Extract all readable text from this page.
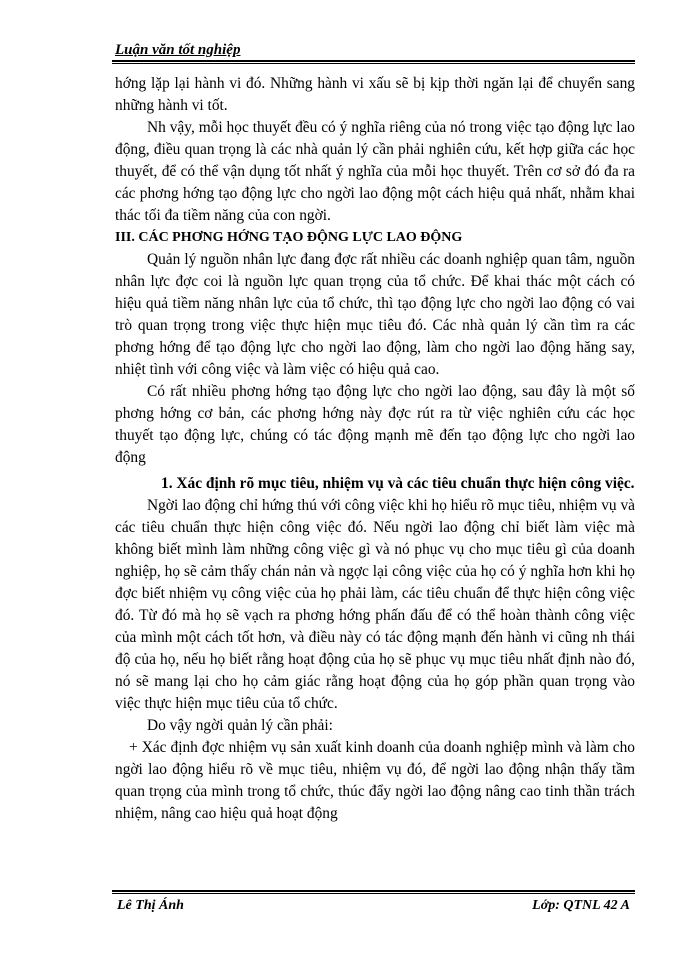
Luận văn tốt nghiệp

hớng lặp lại hành vi đó. Những hành vi xấu sẽ bị kịp thời ngăn lại để chuyển sang những hành vi tốt.

Nh vậy, mỗi học thuyết đều có ý nghĩa riêng của nó trong việc tạo động lực lao động, điều quan trọng là các nhà quản lý cần phải nghiên cứu, kết hợp giữa các học thuyết, để có thể vận dụng tốt nhất ý nghĩa của mỗi học thuyết. Trên cơ sở đó đa ra các phơng hớng tạo động lực cho ngời lao động một cách hiệu quả nhất, nhằm khai thác tối đa tiềm năng của con ngời.

III. CÁC PHƠNG HỚNG TẠO ĐỘNG LỰC LAO ĐỘNG

Quản lý nguồn nhân lực đang đợc rất nhiều các doanh nghiệp quan tâm, nguồn nhân lực đợc coi là nguồn lực quan trọng của tổ chức. Để khai thác một cách có hiệu quả tiềm năng nhân lực của tổ chức, thì tạo động lực cho ngời lao động có vai trò quan trọng trong việc thực hiện mục tiêu đó. Các nhà quản lý cần tìm ra các phơng hớng để tạo động lực cho ngời lao động, làm cho ngời lao động hăng say, nhiệt tình với công việc và làm việc có hiệu quả cao.

Có rất nhiều phơng hớng tạo động lực cho ngời lao động, sau đây là một số phơng hớng cơ bản, các phơng hớng này đợc rút ra từ việc nghiên cứu các học thuyết tạo động lực, chúng có tác động mạnh mẽ đến tạo động lực cho ngời lao động

1. Xác định rõ mục tiêu, nhiệm vụ và các tiêu chuẩn thực hiện công việc.

Ngời lao động chỉ hứng thú với công việc khi họ hiểu rõ mục tiêu, nhiệm vụ và các tiêu chuẩn thực hiện công việc đó. Nếu ngời lao động chỉ biết làm việc mà không biết mình làm những công việc gì và nó phục vụ cho mục tiêu gì của doanh nghiệp, họ sẽ cảm thấy chán nản và ngợc lại công việc của họ có ý nghĩa hơn khi họ đợc biết nhiệm vụ công việc của họ phải làm, các tiêu chuẩn để thực hiện công việc đó. Từ đó mà họ sẽ vạch ra phơng hớng phấn đấu để có thể hoàn thành công việc của mình một cách tốt hơn, và điều này có tác động mạnh đến hành vi cũng nh thái độ của họ, nếu họ biết rằng hoạt động của họ sẽ phục vụ mục tiêu nhất định nào đó, nó sẽ mang lại cho họ cảm giác rằng hoạt động của họ góp phần quan trọng vào việc thực hiện mục tiêu của tổ chức.

Do vậy ngời quản lý cần phải:

+ Xác định đợc nhiệm vụ sản xuất kinh doanh của doanh nghiệp mình và làm cho ngời lao động hiểu rõ về mục tiêu, nhiệm vụ đó, để ngời lao động nhận thấy tầm quan trọng của mình trong tổ chức, thúc đẩy ngời lao động nâng cao tinh thần trách nhiệm, nâng cao hiệu quả hoạt động

Lê Thị Ánh	Lớp: QTNL 42 A
